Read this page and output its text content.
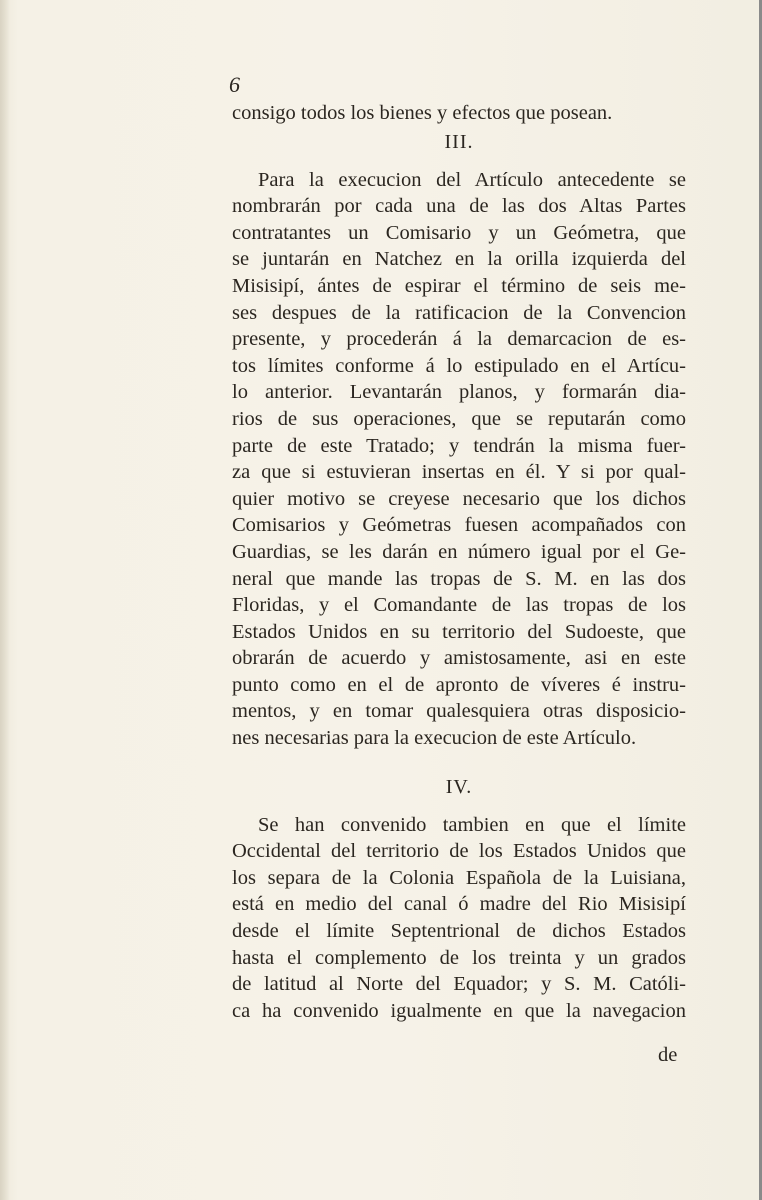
6
consigo todos los bienes y efectos que posean.
III.
Para la execucion del Artículo antecedente se
nombrarán por cada una de las dos Altas Partes
contratantes un Comisario y un Geómetra, que
se juntarán en Natchez en la orilla izquierda del
Misisipí, ántes de espirar el término de seis me-
ses despues de la ratificacion de la Convencion
presente, y procederán á la demarcacion de es-
tos límites conforme á lo estipulado en el Artícu-
lo anterior. Levantarán planos, y formarán dia-
rios de sus operaciones, que se reputarán como
parte de este Tratado; y tendrán la misma fuer-
za que si estuvieran insertas en él. Y si por qual-
quier motivo se creyese necesario que los dichos
Comisarios y Geómetras fuesen acompañados con
Guardias, se les darán en número igual por el Ge-
neral que mande las tropas de S. M. en las dos
Floridas, y el Comandante de las tropas de los
Estados Unidos en su territorio del Sudoeste, que
obrarán de acuerdo y amistosamente, asi en este
punto como en el de apronto de víveres é instru-
mentos, y en tomar qualesquiera otras disposicio-
nes necesarias para la execucion de este Artículo.
IV.
Se han convenido tambien en que el límite
Occidental del territorio de los Estados Unidos que
los separa de la Colonia Española de la Luisiana,
está en medio del canal ó madre del Rio Misisipí
desde el límite Septentrional de dichos Estados
hasta el complemento de los treinta y un grados
de latitud al Norte del Equador; y S. M. Católi-
ca ha convenido igualmente en que la navegacion
de
